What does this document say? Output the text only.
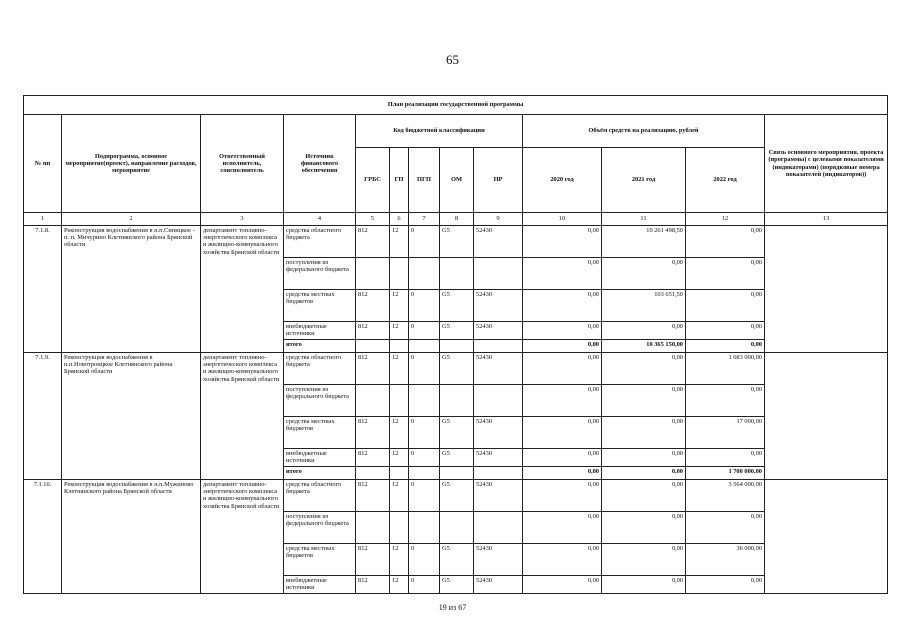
65
План реализации государственной программы												
№ пп	Подпрограмма, основное мероприятие(проект), направление расходов, мероприятие	Ответственный исполнитель, соисполнитель	Источник финансового обеспечения	Код бюджетной классификации					Объём средств на реализацию, рублей			Связь основного мероприятия, проекта (программы) с целевыми показателями (индикаторами) (порядковые номера показателей (индикаторов))
				ГРБС	ГП	ПГП	ОМ	НР	2020 год	2021 год	2022 год	
1	2	3	4	5	6	7	8	9	10	11	12	13
7.1.8.	Реконструкция водоснабжения в н.п.Синицкое - п. п. Мичурино Клетнянского района Брянской области	департамент топливно-энергетического комплекса и жилищно-коммунального хозяйства Брянской области	средства областного бюджета	812	12	0	G5	52430	0,00	10 261 498,50	0,00	
			поступления из федерального бюджета						0,00	0,00	0,00	
			средства местных бюджетов	812	12	0	G5	52430	0,00	103 651,50	0,00	
			внебюджетные источники	812	12	0	G5	52430	0,00	0,00	0,00	
			итого						0,00	10 365 150,00	0,00	
7.1.9.	Реконструкция водоснабжения в н.п.Новотроицкое Клетнянского района Брянской области	департамент топливно-энергетического комплекса и жилищно-коммунального хозяйства Брянской области	средства областного бюджета	812	12	0	G5	52430	0,00	0,00	1 683 000,00	
			поступления из федерального бюджета						0,00	0,00	0,00	
			средства местных бюджетов	812	12	0	G5	52430	0,00	0,00	17 000,00	
			внебюджетные источники	812	12	0	G5	52430	0,00	0,00	0,00	
			итого						0,00	0,00	1 700 000,00	
7.1.10.	Реконструкция водоснабжения в н.п.Мужиново Клетнянского района Брянской области	департамент топливно-энергетического комплекса и жилищно-коммунального хозяйства Брянской области	средства областного бюджета	812	12	0	G5	52430	0,00	0,00	3 564 000,00	
			поступления из федерального бюджета						0,00	0,00	0,00	
			средства местных бюджетов	812	12	0	G5	52430	0,00	0,00	36 000,00	
			внебюджетные источники	812	12	0	G5	52430	0,00	0,00	0,00	
19 из 67
